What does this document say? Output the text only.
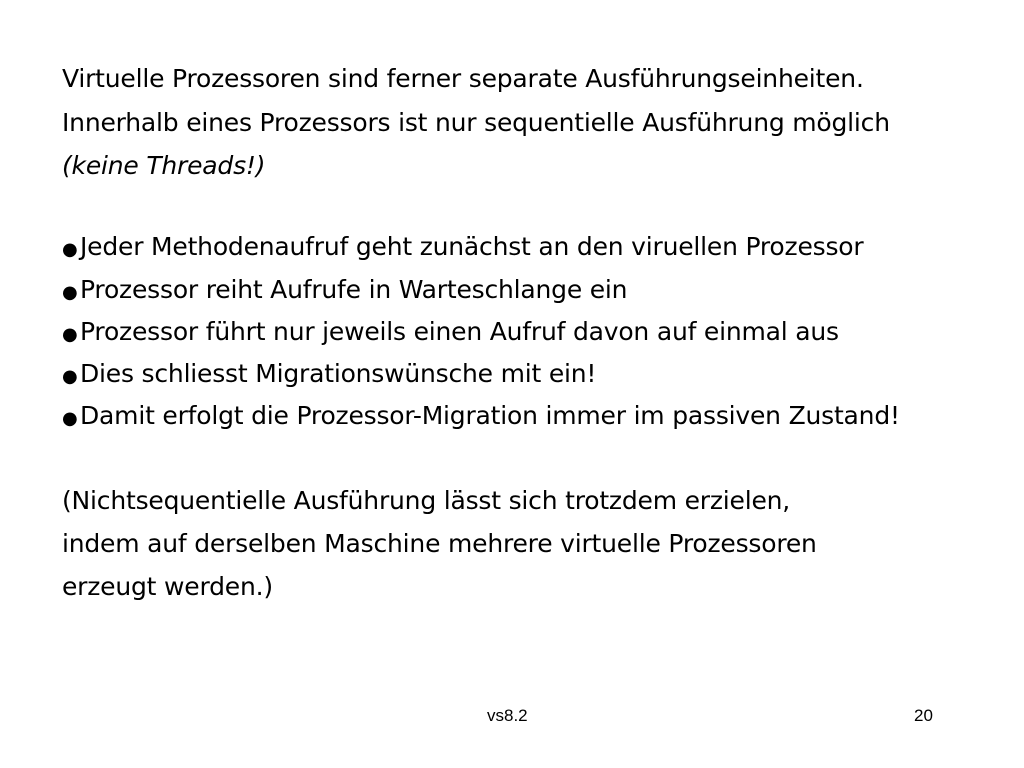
Virtuelle Prozessoren sind ferner separate Ausführungseinheiten.
Innerhalb eines Prozessors ist nur sequentielle Ausführung möglich
(keine Threads!)
●Jeder Methodenaufruf geht zunächst an den viruellen Prozessor
●Prozessor reiht Aufrufe in Warteschlange ein
●Prozessor führt nur jeweils einen Aufruf davon auf einmal aus
●Dies schliesst Migrationswünsche mit ein!
●Damit erfolgt die Prozessor-Migration immer im passiven Zustand!
(Nichtsequentielle Ausführung lässt sich trotzdem erzielen,
indem auf derselben Maschine mehrere virtuelle Prozessoren
erzeugt werden.)
vs8.2	20
